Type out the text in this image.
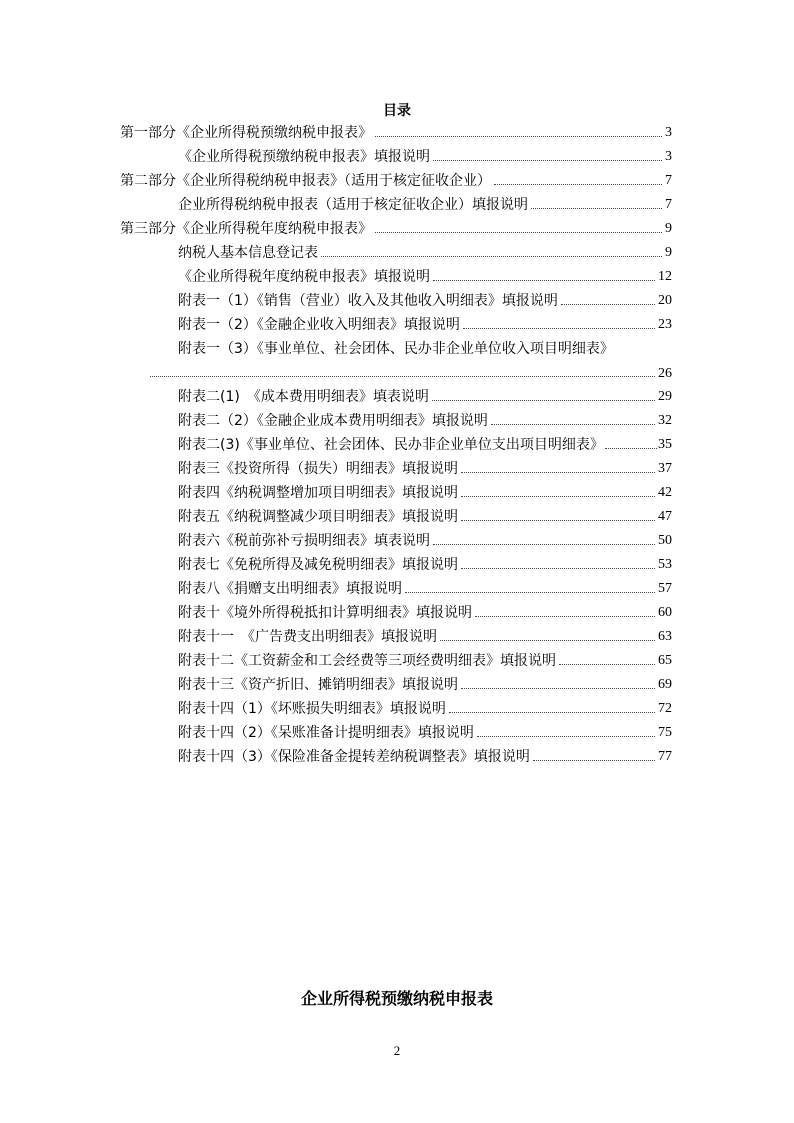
目录
第一部分《企业所得税预缴纳税申报表》	3
《企业所得税预缴纳税申报表》填报说明	3
第二部分《企业所得税纳税申报表》（适用于核定征收企业）	7
企业所得税纳税申报表（适用于核定征收企业）填报说明	7
第三部分《企业所得税年度纳税申报表》	9
纳税人基本信息登记表	9
《企业所得税年度纳税申报表》填报说明	12
附表一（1）《销售（营业）收入及其他收入明细表》填报说明	20
附表一（2）《金融企业收入明细表》填报说明	23
附表一（3）《事业单位、社会团体、民办非企业单位收入项目明细表》
26
附表二(1)　《成本费用明细表》填表说明	29
附表二（2）《金融企业成本费用明细表》填报说明	32
附表二(3)《事业单位、社会团体、民办非企业单位支出项目明细表》	35
附表三《投资所得（损失）明细表》填报说明	37
附表四《纳税调整增加项目明细表》填报说明	42
附表五《纳税调整减少项目明细表》填报说明	47
附表六《税前弥补亏损明细表》填表说明	50
附表七《免税所得及减免税明细表》填报说明	53
附表八《捐赠支出明细表》填报说明	57
附表十《境外所得税抵扣计算明细表》填报说明	60
附表十一　《广告费支出明细表》填报说明	63
附表十二《工资薪金和工会经费等三项经费明细表》填报说明	65
附表十三《资产折旧、摊销明细表》填报说明	69
附表十四（1）《坏账损失明细表》填报说明	72
附表十四（2）《呆账准备计提明细表》填报说明	75
附表十四（3）《保险准备金提转差纳税调整表》填报说明	77
企业所得税预缴纳税申报表
2
